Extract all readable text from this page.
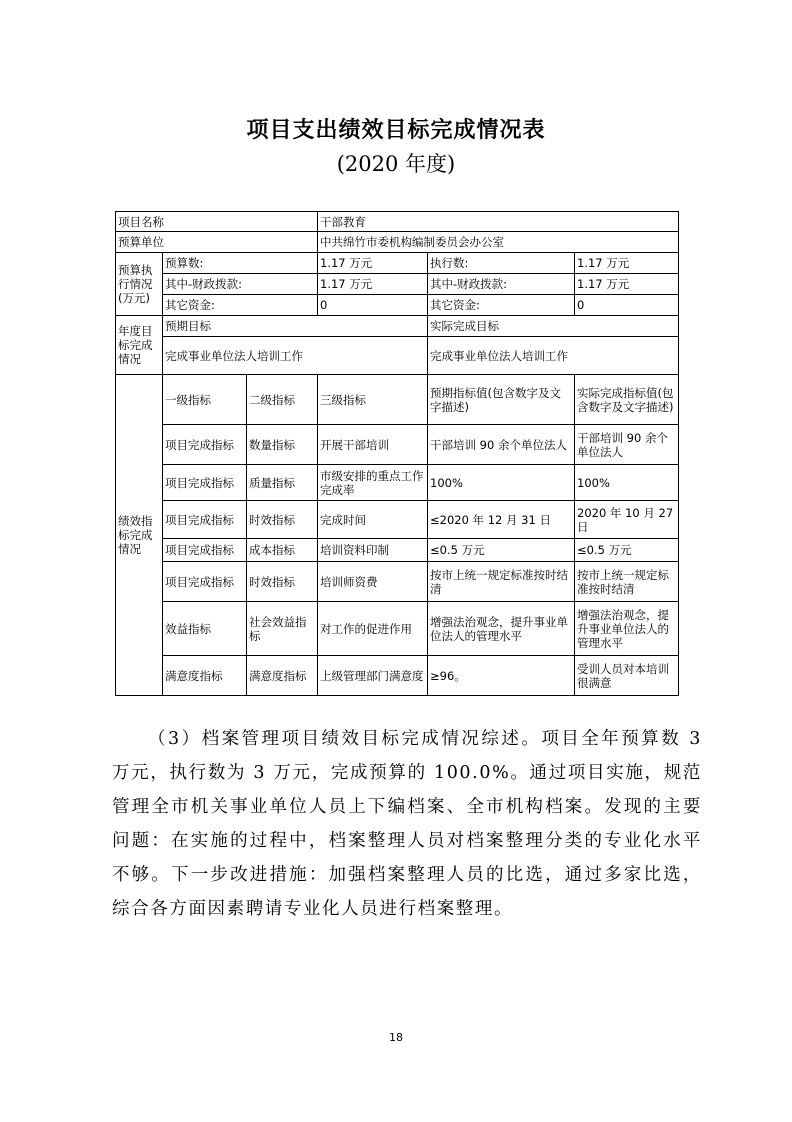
项目支出绩效目标完成情况表
(2020 年度)
项目名称			干部教育		
预算单位			中共绵竹市委机构编制委员会办公室		
预算执行情况(万元)	预算数:		1.17 万元	执行数:	1.17 万元
	其中-财政拨款:		1.17 万元	其中-财政拨款:	1.17 万元
	其它资金:		0	其它资金:	0
年度目标完成情况	预期目标			实际完成目标	
	完成事业单位法人培训工作			完成事业单位法人培训工作	
绩效指标完成情况	一级指标	二级指标	三级指标	预期指标值(包含数字及文字描述)	实际完成指标值(包含数字及文字描述)
	项目完成指标	数量指标	开展干部培训	干部培训 90 余个单位法人	干部培训 90 余个单位法人
	项目完成指标	质量指标	市级安排的重点工作完成率	100%	100%
	项目完成指标	时效指标	完成时间	≤2020 年 12 月 31 日	2020 年 10 月 27 日
	项目完成指标	成本指标	培训资料印制	≤0.5 万元	≤0.5 万元
	项目完成指标	时效指标	培训师资费	按市上统一规定标准按时结清	按市上统一规定标准按时结清
	效益指标	社会效益指标	对工作的促进作用	增强法治观念，提升事业单位法人的管理水平	增强法治观念，提升事业单位法人的管理水平
	满意度指标	满意度指标	上级管理部门满意度	≥96。	受训人员对本培训很满意
（3）档案管理项目绩效目标完成情况综述。项目全年预算数 3 万元，执行数为 3 万元，完成预算的 100.0%。通过项目实施，规范管理全市机关事业单位人员上下编档案、全市机构档案。发现的主要问题：在实施的过程中，档案整理人员对档案整理分类的专业化水平不够。下一步改进措施：加强档案整理人员的比选，通过多家比选，综合各方面因素聘请专业化人员进行档案整理。
18
